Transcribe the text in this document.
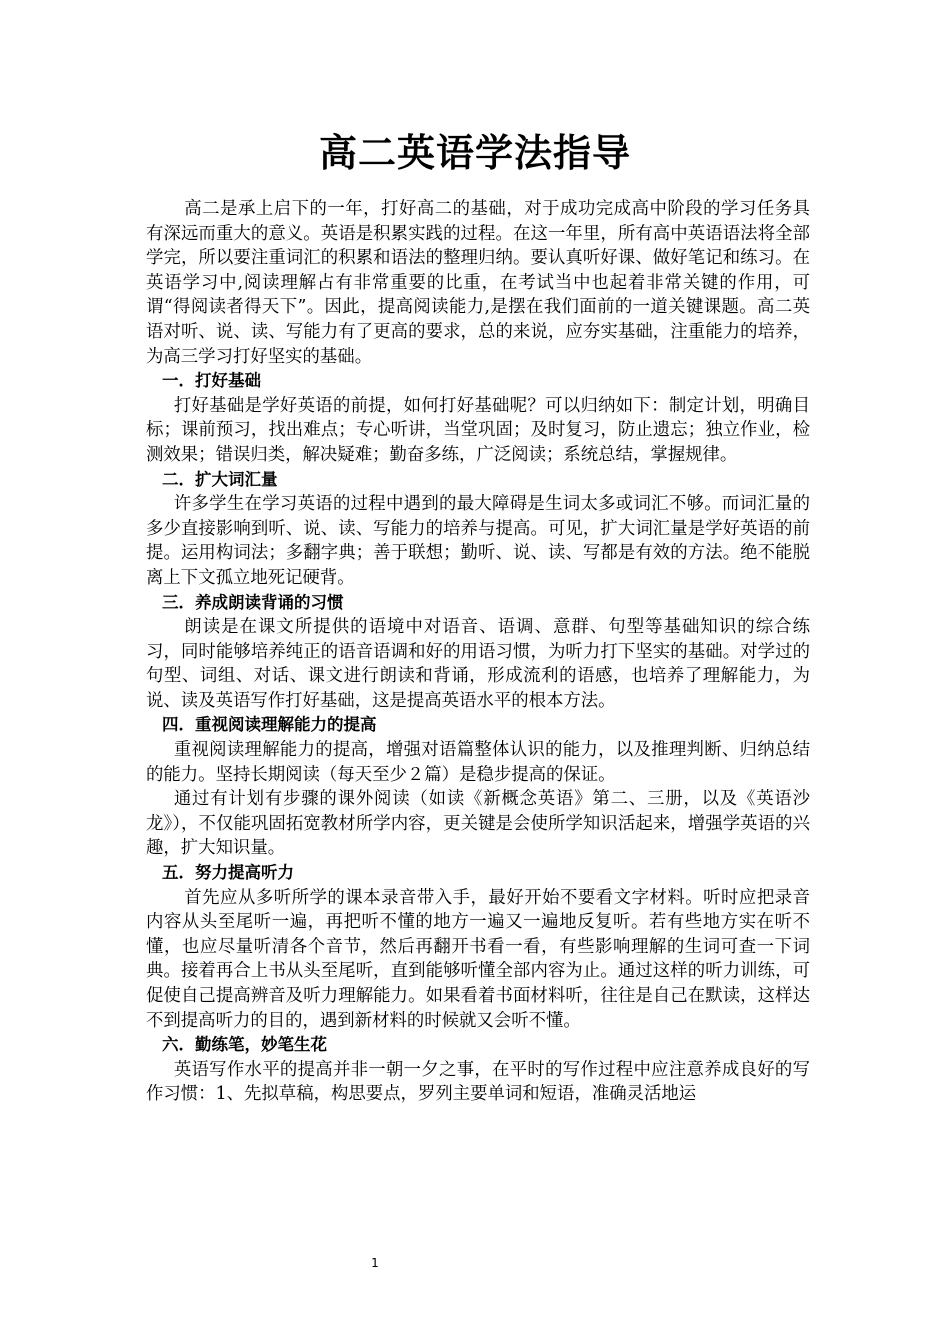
高二英语学法指导

高二是承上启下的一年，打好高二的基础，对于成功完成高中阶段的学习任务具有深远而重大的意义。英语是积累实践的过程。在这一年里，所有高中英语语法将全部学完，所以要注重词汇的积累和语法的整理归纳。要认真听好课、做好笔记和练习。在英语学习中,阅读理解占有非常重要的比重，在考试当中也起着非常关键的作用，可谓“得阅读者得天下”。因此，提高阅读能力,是摆在我们面前的一道关键课题。高二英语对听、说、读、写能力有了更高的要求，总的来说，应夯实基础，注重能力的培养，为高三学习打好坚实的基础。

一．打好基础

打好基础是学好英语的前提，如何打好基础呢？可以归纳如下：制定计划，明确目标；课前预习，找出难点；专心听讲，当堂巩固；及时复习，防止遗忘；独立作业，检测效果；错误归类，解决疑难；勤奋多练，广泛阅读；系统总结，掌握规律。

二．扩大词汇量

许多学生在学习英语的过程中遇到的最大障碍是生词太多或词汇不够。而词汇量的多少直接影响到听、说、读、写能力的培养与提高。可见，扩大词汇量是学好英语的前提。运用构词法；多翻字典；善于联想；勤听、说、读、写都是有效的方法。绝不能脱离上下文孤立地死记硬背。

三．养成朗读背诵的习惯

朗读是在课文所提供的语境中对语音、语调、意群、句型等基础知识的综合练习，同时能够培养纯正的语音语调和好的用语习惯，为听力打下坚实的基础。对学过的句型、词组、对话、课文进行朗读和背诵，形成流利的语感，也培养了理解能力，为说、读及英语写作打好基础，这是提高英语水平的根本方法。

四．重视阅读理解能力的提高

重视阅读理解能力的提高，增强对语篇整体认识的能力，以及推理判断、归纳总结的能力。坚持长期阅读（每天至少２篇）是稳步提高的保证。

通过有计划有步骤的课外阅读（如读《新概念英语》第二、三册，以及《英语沙龙》），不仅能巩固拓宽教材所学内容，更关键是会使所学知识活起来，增强学英语的兴趣，扩大知识量。

五．努力提高听力

首先应从多听所学的课本录音带入手，最好开始不要看文字材料。听时应把录音内容从头至尾听一遍，再把听不懂的地方一遍又一遍地反复听。若有些地方实在听不懂，也应尽量听清各个音节，然后再翻开书看一看，有些影响理解的生词可查一下词典。接着再合上书从头至尾听，直到能够听懂全部内容为止。通过这样的听力训练，可促使自己提高辨音及听力理解能力。如果看着书面材料听，往往是自己在默读，这样达不到提高听力的目的，遇到新材料的时候就又会听不懂。

六．勤练笔，妙笔生花

英语写作水平的提高并非一朝一夕之事，在平时的写作过程中应注意养成良好的写作习惯：1、先拟草稿，构思要点，罗列主要单词和短语，准确灵活地运

1
